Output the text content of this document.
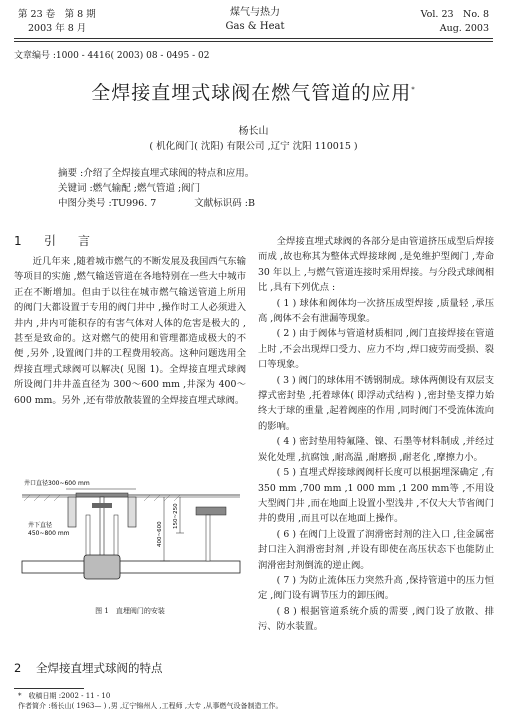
第 23 卷　第 8 期
2003 年 8 月
煤气与热力
Gas & Heat
Vol. 23　No. 8
Aug. 2003
文章编号 :1000 - 4416( 2003) 08 - 0495 - 02
全焊接直埋式球阀在燃气管道的应用*
杨长山
( 机化阀门( 沈阳) 有限公司 ,辽宁 沈阳 110015 )
摘要 :介绍了全焊接直埋式球阀的特点和应用。
关键词 :燃气输配 ;燃气管道 ;阀门
中图分类号 :TU996. 7	文献标识码 :B
1 引言

近几年来 ,随着城市燃气的不断发展及我国西气东输等项目的实施 ,燃气输送管道在各地特别在一些大中城市正在不断增加。但由于以往在城市燃气输送管道上所用的阀门大都设置于专用的阀门井中 ,操作时工人必须进入井内 ,井内可能积存的有害气体对人体的危害是极大的 ,甚至是致命的。这对燃气的使用和管理都造成极大的不便 ,另外 ,设置阀门井的工程费用较高。这种问题选用全焊接直埋式球阀可以解决( 见图 1)。全焊接直埋式球阀所设阀门井井盖直径为 300～600 mm ,井深为 400～600 mm。另外 ,还有带放散装置的全焊接直埋式球阀。

井口直径300~600 mm
井下直径
450~800 mm	400~600
150~250
图 1　直埋阀门的安装
2 全焊接直埋式球阀的特点

全焊接直埋式球阀的各部分是由管道挤压成型后焊接而成 ,故也称其为整体式焊接球阀 ,是免维护型阀门 ,寿命 30 年以上 ,与燃气管道连接时采用焊接。与分段式球阀相比 ,具有下列优点 :

( 1 ) 球体和阀体均一次挤压成型焊接 ,质量轻 ,承压高 ,阀体不会有泄漏等现象。

( 2 ) 由于阀体与管道材质相同 ,阀门直接焊接在管道上时 ,不会出现焊口受力、应力不均 ,焊口疲劳而受损、裂口等现象。

( 3 ) 阀门的球体用不锈钢制成。球体两侧设有双层支撑式密封垫 ,托着球体( 即浮动式结构 ) ,密封垫支撑力始终大于球的重量 ,起着阀座的作用 ,同时阀门不受流体流向的影响。

( 4 ) 密封垫用特氟隆、镍、石墨等材料制成 ,并经过炭化处理 ,抗腐蚀 ,耐高温 ,耐磨损 ,耐老化 ,摩擦力小。

( 5 ) 直埋式焊接球阀阀杆长度可以根据埋深确定 ,有 350 mm ,700 mm ,1 000 mm ,1 200 mm等 ,不用设大型阀门井 ,而在地面上设置小型浅井 ,不仅大大节省阀门井的费用 ,而且可以在地面上操作。

( 6 ) 在阀门上设置了润滑密封剂的注入口 ,往金属密封口注入润滑密封剂 ,并设有即使在高压状态下也能防止润滑密封剂倒流的逆止阀。

( 7 ) 为防止流体压力突然升高 ,保持管道中的压力恒定 ,阀门设有调节压力的卸压阀。

( 8 ) 根据管道系统介质的需要 ,阀门设了放散、排污、防水装置。

*　 收稿日期 :2002 - 11 - 10
作者简介 :杨长山( 1963— ) ,男 ,辽宁锦州人 ,工程师 ,大专 ,从事燃气设备制造工作。
